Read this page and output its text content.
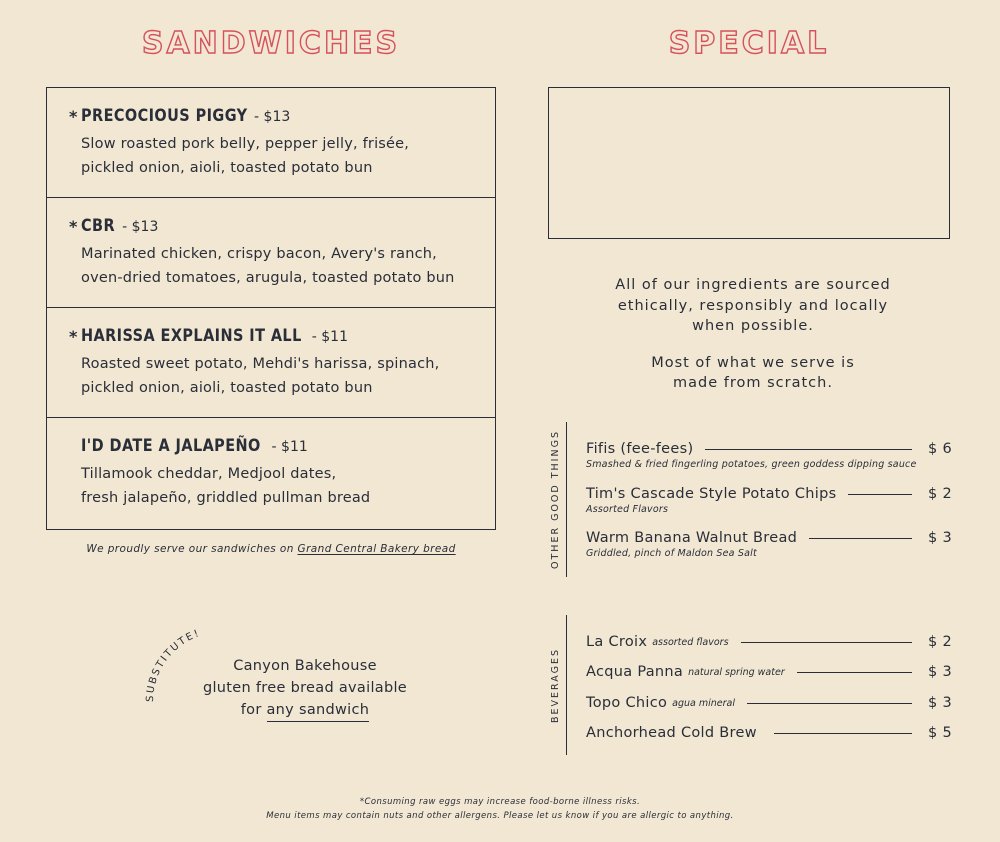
SANDWICHES	SPECIAL
* PRECOCIOUS PIGGY - $13
Slow roasted pork belly, pepper jelly, frisée,
pickled onion, aioli, toasted potato bun
* CBR - $13
Marinated chicken, crispy bacon, Avery's ranch,
oven-dried tomatoes, arugula, toasted potato bun
* HARISSA EXPLAINS IT ALL - $11
Roasted sweet potato, Mehdi's harissa, spinach,
pickled onion, aioli, toasted potato bun
I'D DATE A JALAPEÑO - $11
Tillamook cheddar, Medjool dates,
fresh jalapeño, griddled pullman bread
We proudly serve our sandwiches on Grand Central Bakery bread
SUBSTITUTE!
Canyon Bakehouse
gluten free bread available
for any sandwich

All of our ingredients are sourced
ethically, responsibly and locally
when possible.

Most of what we serve is
made from scratch.

OTHER GOOD THINGS Fifis (fee-fees)	$ 6
Smashed & fried fingerling potatoes, green goddess dipping sauce
Tim's Cascade Style Potato Chips	$ 2
Assorted Flavors
Warm Banana Walnut Bread	$ 3
Griddled, pinch of Maldon Sea Salt
BEVERAGES
La Croix assorted flavors	$ 2
Acqua Panna natural spring water	$ 3
Topo Chico agua mineral	$ 3
Anchorhead Cold Brew	$ 5
*Consuming raw eggs may increase food-borne illness risks.
Menu items may contain nuts and other allergens. Please let us know if you are allergic to anything.
